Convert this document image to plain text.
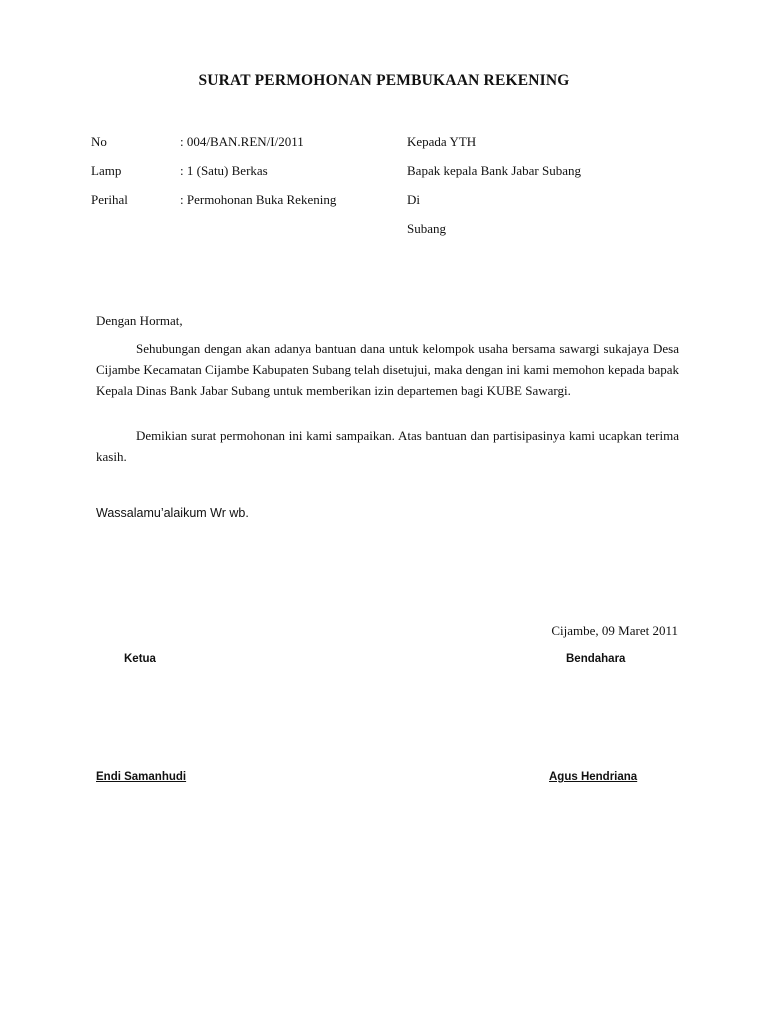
SURAT PERMOHONAN PEMBUKAAN REKENING
No	: 004/BAN.REN/I/2011
Lamp	: 1 (Satu) Berkas
Perihal	: Permohonan Buka Rekening
Kepada YTH
Bapak kepala Bank Jabar Subang
Di
Subang
Dengan Hormat,
Sehubungan dengan akan adanya bantuan dana untuk kelompok usaha bersama sawargi sukajaya Desa Cijambe Kecamatan Cijambe Kabupaten Subang telah disetujui, maka dengan ini kami memohon kepada bapak Kepala Dinas Bank Jabar Subang untuk memberikan izin departemen bagi KUBE Sawargi.
Demikian surat permohonan ini kami sampaikan. Atas bantuan dan partisipasinya kami ucapkan terima kasih.
Wassalamu’alaikum Wr wb.
Cijambe, 09 Maret 2011
Ketua	Bendahara
Endi Samanhudi	Agus Hendriana
